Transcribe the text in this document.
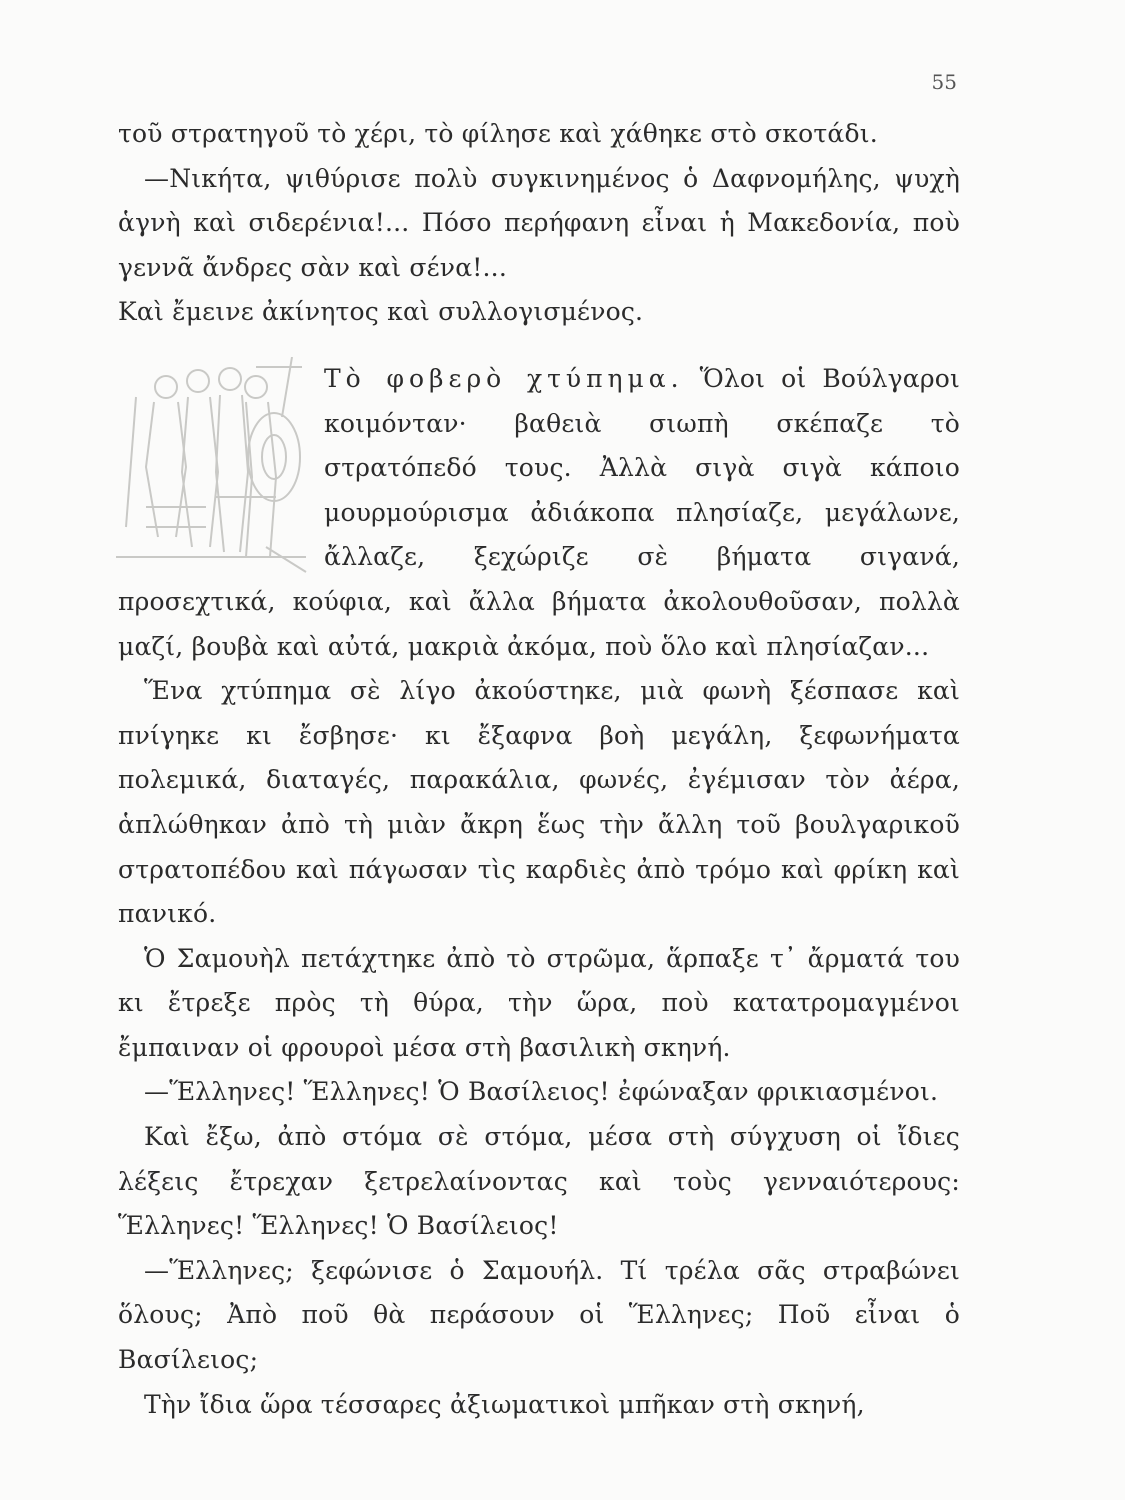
55

τοῦ στρατηγοῦ τὸ χέρι, τὸ φίλησε καὶ χάθηκε στὸ σκοτάδι.

—Νικήτα, ψιθύρισε πολὺ συγκινημένος ὁ Δαφνομήλης, ψυχὴ ἁγνὴ καὶ σιδερένια!... Πόσο περήφανη εἶναι ἡ Μακεδονία, ποὺ γεννᾶ ἄνδρες σὰν καὶ σένα!...

Καὶ ἔμεινε ἀκίνητος καὶ συλλογισμένος.

Τὸ φοβερὸ χτύπημα. Ὅλοι οἱ Βούλγαροι κοιμόνταν· βαθειὰ σιωπὴ σκέπαζε τὸ στρατόπεδό τους. Ἀλλὰ σιγὰ σιγὰ κάποιο μουρμούρισμα ἀδιάκοπα πλησίαζε, μεγάλωνε, ἄλλαζε, ξεχώριζε σὲ βήματα σιγανά, προσεχτικά, κούφια, καὶ ἄλλα βήματα ἀκολουθοῦσαν, πολλὰ μαζί, βουβὰ καὶ αὐτά, μακριὰ ἀκόμα, ποὺ ὅλο καὶ πλησίαζαν...

Ἕνα χτύπημα σὲ λίγο ἀκούστηκε, μιὰ φωνὴ ξέσπασε καὶ πνίγηκε κι ἔσβησε· κι ἔξαφνα βοὴ μεγάλη, ξεφωνήματα πολεμικά, διαταγές, παρακάλια, φωνές, ἐγέμισαν τὸν ἀέρα, ἁπλώθηκαν ἀπὸ τὴ μιὰν ἄκρη ἕως τὴν ἄλλη τοῦ βουλγαρικοῦ στρατοπέδου καὶ πάγωσαν τὶς καρδιὲς ἀπὸ τρόμο καὶ φρίκη καὶ πανικό.

Ὁ Σαμουὴλ πετάχτηκε ἀπὸ τὸ στρῶμα, ἅρπαξε τ᾿ ἄρματά του κι ἔτρεξε πρὸς τὴ θύρα, τὴν ὥρα, ποὺ κατατρομαγμένοι ἔμπαιναν οἱ φρουροὶ μέσα στὴ βασιλικὴ σκηνή.

—Ἕλληνες! Ἕλληνες! Ὁ Βασίλειος! ἐφώναξαν φρικιασμένοι.

Καὶ ἔξω, ἀπὸ στόμα σὲ στόμα, μέσα στὴ σύγχυση οἱ ἴδιες λέξεις ἔτρεχαν ξετρελαίνοντας καὶ τοὺς γενναιότερους: Ἕλληνες! Ἕλληνες! Ὁ Βασίλειος!

—Ἕλληνες; ξεφώνισε ὁ Σαμουήλ. Τί τρέλα σᾶς στραβώνει ὅλους; Ἀπὸ ποῦ θὰ περάσουν οἱ Ἕλληνες; Ποῦ εἶναι ὁ Βασίλειος;

Τὴν ἴδια ὥρα τέσσαρες ἀξιωματικοὶ μπῆκαν στὴ σκηνή,
